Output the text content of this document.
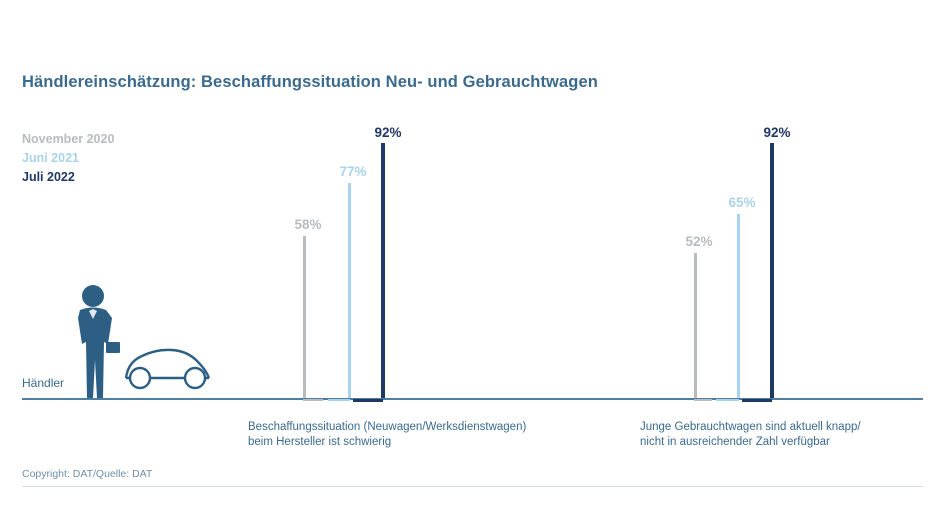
Händlereinschätzung: Beschaffungssituation Neu- und Gebrauchtwagen
November 2020
Juni 2021
Juli 2022
Händler
58%
77%
92%
Beschaffungssituation (Neuwagen/Werksdienstwagen)
beim Hersteller ist schwierig
52%
65%
92%
Junge Gebrauchtwagen sind aktuell knapp/
nicht in ausreichender Zahl verfügbar
Copyright: DAT/Quelle: DAT
